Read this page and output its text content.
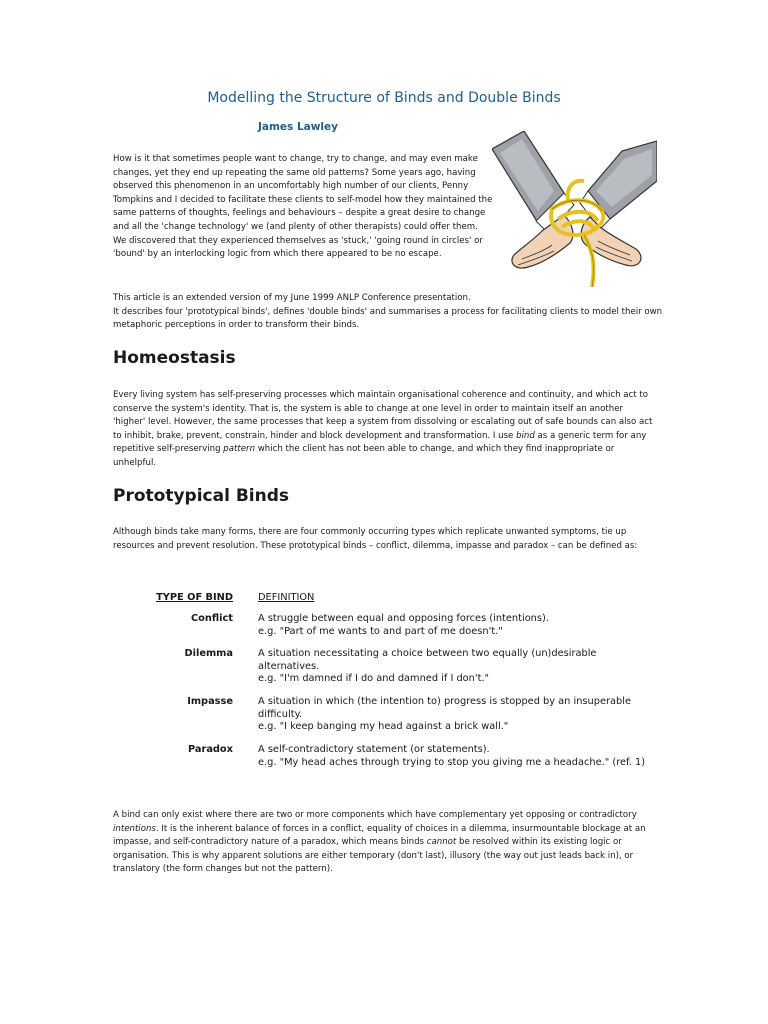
Modelling the Structure of Binds and Double Binds
James Lawley

How is it that sometimes people want to change, try to change, and may even make changes, yet they end up repeating the same old patterns? Some years ago, having observed this phenomenon in an uncomfortably high number of our clients, Penny Tompkins and I decided to facilitate these clients to self-model how they maintained the same patterns of thoughts, feelings and behaviours – despite a great desire to change and all the 'change technology' we (and plenty of other therapists) could offer them. We discovered that they experienced themselves as 'stuck,' 'going round in circles' or 'bound' by an interlocking logic from which there appeared to be no escape.

This article is an extended version of my June 1999 ANLP Conference presentation.
It describes four 'prototypical binds', defines 'double binds' and summarises a process for facilitating clients to model their own metaphoric perceptions in order to transform their binds.
Homeostasis

Every living system has self-preserving processes which maintain organisational coherence and continuity, and which act to conserve the system's identity. That is, the system is able to change at one level in order to maintain itself an another 'higher' level. However, the same processes that keep a system from dissolving or escalating out of safe bounds can also act to inhibit, brake, prevent, constrain, hinder and block development and transformation. I use bind as a generic term for any repetitive self-preserving pattern which the client has not been able to change, and which they find inappropriate or unhelpful.

Prototypical Binds

Although binds take many forms, there are four commonly occurring types which replicate unwanted symptoms, tie up resources and prevent resolution. These prototypical binds – conflict, dilemma, impasse and paradox – can be defined as:

TYPE OF BIND	DEFINITION
Conflict	A struggle between equal and opposing forces (intentions).
e.g. "Part of me wants to and part of me doesn't."
Dilemma	A situation necessitating a choice between two equally (un)desirable alternatives.
e.g. "I'm damned if I do and damned if I don't."
Impasse	A situation in which (the intention to) progress is stopped by an insuperable difficulty.
e.g. "I keep banging my head against a brick wall."
Paradox	A self-contradictory statement (or statements).
e.g. "My head aches through trying to stop you giving me a headache." (ref. 1)

A bind can only exist where there are two or more components which have complementary yet opposing or contradictory intentions. It is the inherent balance of forces in a conflict, equality of choices in a dilemma, insurmountable blockage at an impasse, and self-contradictory nature of a paradox, which means binds cannot be resolved within its existing logic or organisation. This is why apparent solutions are either temporary (don't last), illusory (the way out just leads back in), or translatory (the form changes but not the pattern).
